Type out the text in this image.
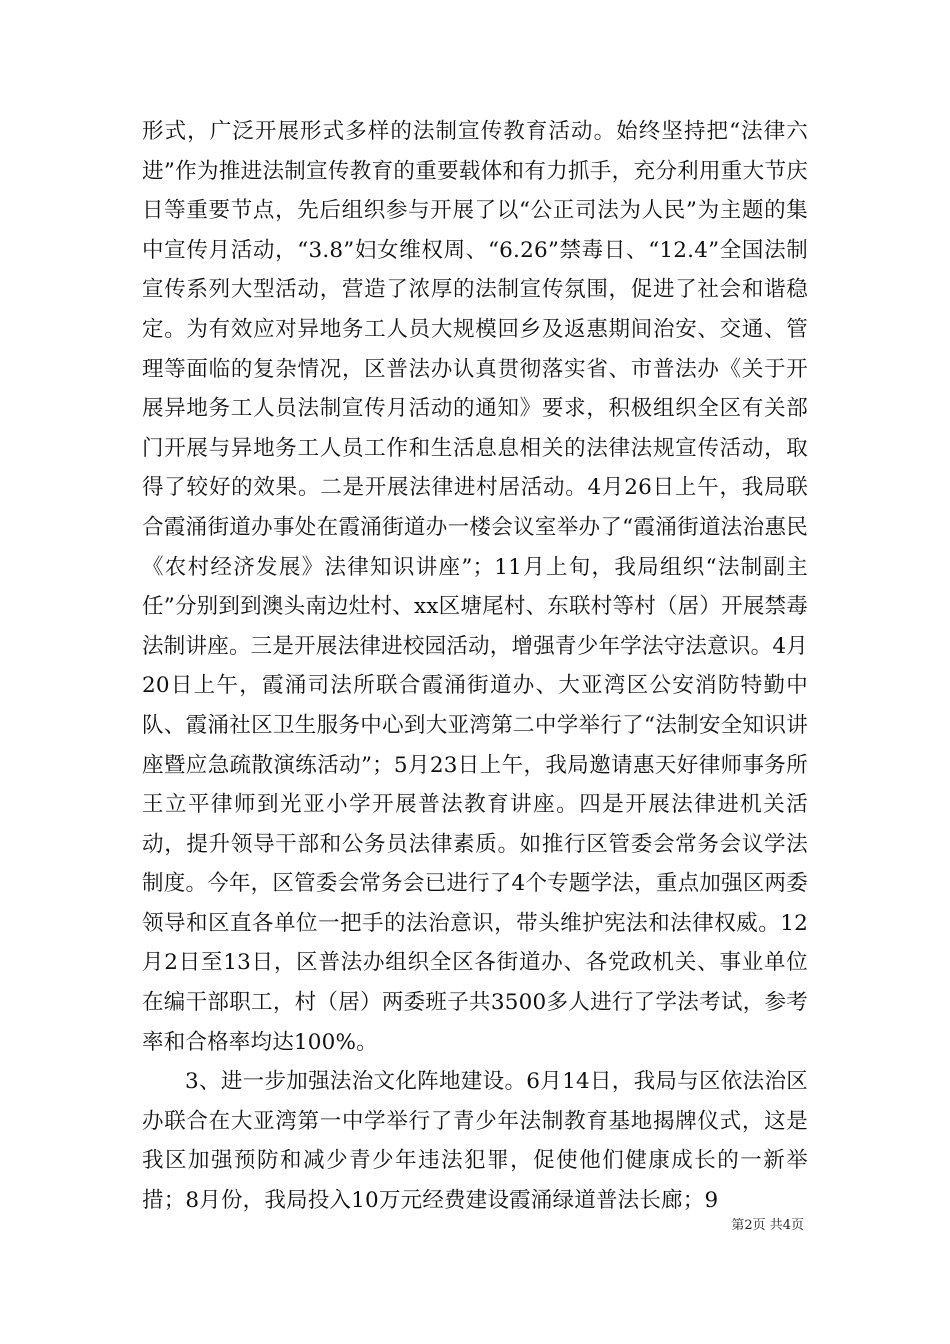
形式，广泛开展形式多样的法制宣传教育活动。始终坚持把“法律六进”作为推进法制宣传教育的重要载体和有力抓手，充分利用重大节庆日等重要节点，先后组织参与开展了以“公正司法为人民”为主题的集中宣传月活动，“3.8”妇女维权周、“6.26”禁毒日、“12.4”全国法制宣传系列大型活动，营造了浓厚的法制宣传氛围，促进了社会和谐稳定。为有效应对异地务工人员大规模回乡及返惠期间治安、交通、管理等面临的复杂情况，区普法办认真贯彻落实省、市普法办《关于开展异地务工人员法制宣传月活动的通知》要求，积极组织全区有关部门开展与异地务工人员工作和生活息息相关的法律法规宣传活动，取得了较好的效果。二是开展法律进村居活动。4月26日上午，我局联合霞涌街道办事处在霞涌街道办一楼会议室举办了“霞涌街道法治惠民《农村经济发展》法律知识讲座”；11月上旬，我局组织“法制副主任”分别到到澳头南边灶村、xx区塘尾村、东联村等村（居）开展禁毒法制讲座。三是开展法律进校园活动，增强青少年学法守法意识。4月20日上午，霞涌司法所联合霞涌街道办、大亚湾区公安消防特勤中队、霞涌社区卫生服务中心到大亚湾第二中学举行了“法制安全知识讲座暨应急疏散演练活动”；5月23日上午，我局邀请惠天好律师事务所王立平律师到光亚小学开展普法教育讲座。四是开展法律进机关活动，提升领导干部和公务员法律素质。如推行区管委会常务会议学法制度。今年，区管委会常务会已进行了4个专题学法，重点加强区两委领导和区直各单位一把手的法治意识，带头维护宪法和法律权威。12月2日至13日，区普法办组织全区各街道办、各党政机关、事业单位在编干部职工，村（居）两委班子共3500多人进行了学法考试，参考率和合格率均达100%。

3、进一步加强法治文化阵地建设。6月14日，我局与区依法治区办联合在大亚湾第一中学举行了青少年法制教育基地揭牌仪式，这是我区加强预防和减少青少年违法犯罪，促使他们健康成长的一新举措；8月份，我局投入10万元经费建设霞涌绿道普法长廊；9

第2页 共4页
